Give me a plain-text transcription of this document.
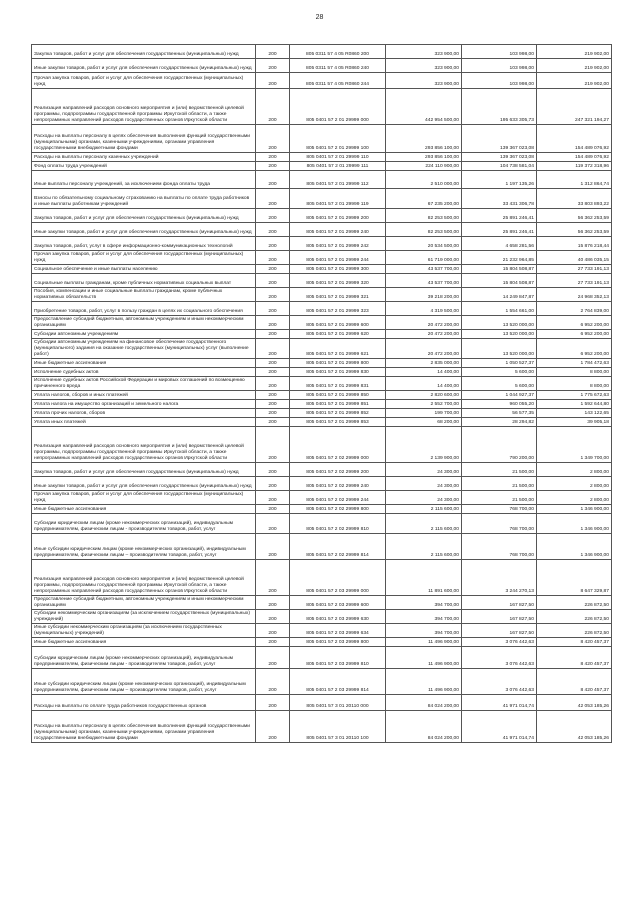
28
Закупка товаров, работ и услуг для обеспечения государственных (муниципальных) нужд	200	805 0311 57 4 05 R0860 200	323 900,00	103 998,00	219 902,00
Иные закупки товаров, работ и услуг для обеспечения государственных (муниципальных) нужд	200	805 0311 57 4 05 R0860 240	323 900,00	103 998,00	219 902,00
Прочая закупка товаров, работ и услуг для обеспечения государственных (муниципальных) нужд	200	805 0311 57 4 05 R0860 244	323 900,00	103 998,00	219 902,00
Реализация направлений расходов основного мероприятия и (или) ведомственной целевой программы, подпрограммы государственной программы Иркутской области, а также непрограммных направлений расходов государственных органов Иркутской области	200	805 0401 57 2 01 29999 000	442 954 500,00	195 633 305,73	247 321 194,27
Расходы на выплаты персоналу в целях обеспечения выполнения функций государственными (муниципальными) органами, казенными учреждениями, органами управления государственными внебюджетными фондами	200	805 0401 57 2 01 29999 100	293 856 100,00	139 367 023,08	154 489 076,92
Расходы на выплаты персоналу казенных учреждений	200	805 0401 57 2 01 29999 110	293 856 100,00	139 367 023,08	154 489 076,92
Фонд оплаты труда учреждений	200	805 0401 57 2 01 29999 111	224 110 900,00	104 738 581,04	119 372 318,96
Иные выплаты персоналу учреждений, за исключением фонда оплаты труда	200	805 0401 57 2 01 29999 112	2 510 000,00	1 197 135,26	1 312 864,74
Взносы по обязательному социальному страхованию на выплаты по оплате труда работников и иные выплаты работникам учреждений	200	805 0401 57 2 01 29999 119	67 235 200,00	33 431 306,78	33 803 893,22
Закупка товаров, работ и услуг для обеспечения государственных (муниципальных) нужд	200	805 0401 57 2 01 29999 200	82 253 500,00	25 891 246,41	56 362 253,59
Иные закупки товаров, работ и услуг для обеспечения государственных (муниципальных) нужд	200	805 0401 57 2 01 29999 240	82 253 500,00	25 891 246,41	56 362 253,59
Закупка товаров, работ, услуг в сфере информационно-коммуникационных технологий	200	805 0401 57 2 01 29999 242	20 534 500,00	4 658 281,56	15 876 218,44
Прочая закупка товаров, работ и услуг для обеспечения государственных (муниципальных) нужд	200	805 0401 57 2 01 29999 244	61 719 000,00	21 232 964,85	40 486 035,15
Социальное обеспечение и иные выплаты населению	200	805 0401 57 2 01 29999 300	43 537 700,00	15 804 508,87	27 733 191,13
Социальные выплаты гражданам, кроме публичных нормативных социальных выплат	200	805 0401 57 2 01 29999 320	43 537 700,00	15 804 508,87	27 733 191,13
Пособия, компенсации и иные социальные выплаты гражданам, кроме публичных нормативных обязательств	200	805 0401 57 2 01 29999 321	39 218 200,00	14 249 847,87	24 968 352,13
Приобретение товаров, работ, услуг в пользу граждан в целях их социального обеспечения	200	805 0401 57 2 01 29999 323	4 319 500,00	1 554 661,00	2 764 839,00
Предоставление субсидий бюджетным, автономным учреждениям и иным некоммерческим организациям	200	805 0401 57 2 01 29999 600	20 472 200,00	13 520 000,00	6 952 200,00
Субсидии автономным учреждениям	200	805 0401 57 2 01 29999 620	20 472 200,00	13 520 000,00	6 952 200,00
Субсидии автономным учреждениям на финансовое обеспечение государственного (муниципального) задания на оказание государственных (муниципальных) услуг (выполнение работ)	200	805 0401 57 2 01 29999 621	20 472 200,00	13 520 000,00	6 952 200,00
Иные бюджетные ассигнования	200	805 0401 57 2 01 29999 800	2 835 000,00	1 050 527,37	1 784 472,63
Исполнение судебных актов	200	805 0401 57 2 01 29999 830	14 400,00	5 600,00	8 800,00
Исполнение судебных актов Российской Федерации и мировых соглашений по возмещению причиненного вреда	200	805 0401 57 2 01 29999 831	14 400,00	5 600,00	8 800,00
Уплата налогов, сборов и иных платежей	200	805 0401 57 2 01 29999 850	2 820 600,00	1 044 927,37	1 775 672,63
Уплата налога на имущество организаций и земельного налога	200	805 0401 57 2 01 29999 851	2 552 700,00	960 055,20	1 592 644,80
Уплата прочих налогов, сборов	200	805 0401 57 2 01 29999 852	199 700,00	56 577,35	143 122,65
Уплата иных платежей	200	805 0401 57 2 01 29999 853	68 200,00	28 294,82	39 905,18
Реализация направлений расходов основного мероприятия и (или) ведомственной целевой программы, подпрограммы государственной программы Иркутской области, а также непрограммных направлений расходов государственных органов Иркутской области	200	805 0401 57 2 02 29999 000	2 139 900,00	790 200,00	1 349 700,00
Закупка товаров, работ и услуг для обеспечения государственных (муниципальных) нужд	200	805 0401 57 2 02 29999 200	24 300,00	21 500,00	2 800,00
Иные закупки товаров, работ и услуг для обеспечения государственных (муниципальных) нужд	200	805 0401 57 2 02 29999 240	24 300,00	21 500,00	2 800,00
Прочая закупка товаров, работ и услуг для обеспечения государственных (муниципальных) нужд	200	805 0401 57 2 02 29999 244	24 300,00	21 500,00	2 800,00
Иные бюджетные ассигнования	200	805 0401 57 2 02 29999 800	2 115 600,00	768 700,00	1 346 900,00
Субсидии юридическим лицам (кроме некоммерческих организаций), индивидуальным предпринимателям, физическим лицам - производителям товаров, работ, услуг	200	805 0401 57 2 02 29999 810	2 115 600,00	768 700,00	1 346 900,00
Иные субсидии юридическим лицам (кроме некоммерческих организаций), индивидуальным предпринимателям, физическим лицам – производителям товаров, работ, услуг	200	805 0401 57 2 02 29999 814	2 115 600,00	768 700,00	1 346 900,00
Реализация направлений расходов основного мероприятия и (или) ведомственной целевой программы, подпрограммы государственной программы Иркутской области, а также непрограммных направлений расходов государственных органов Иркутской области	200	805 0401 57 2 03 29999 000	11 891 600,00	3 244 270,13	8 647 329,87
Предоставление субсидий бюджетным, автономным учреждениям и иным некоммерческим организациям	200	805 0401 57 2 03 29999 600	394 700,00	167 827,50	226 872,50
Субсидии некоммерческим организациям (за исключением государственных (муниципальных) учреждений)	200	805 0401 57 2 03 29999 630	394 700,00	167 827,50	226 872,50
Иные субсидии некоммерческим организациям (за исключением государственных (муниципальных) учреждений)	200	805 0401 57 2 03 29999 634	394 700,00	167 827,50	226 872,50
Иные бюджетные ассигнования	200	805 0401 57 2 03 29999 800	11 496 900,00	3 076 442,63	8 420 457,37
Субсидии юридическим лицам (кроме некоммерческих организаций), индивидуальным предпринимателям, физическим лицам - производителям товаров, работ, услуг	200	805 0401 57 2 03 29999 810	11 496 900,00	3 076 442,63	8 420 457,37
Иные субсидии юридическим лицам (кроме некоммерческих организаций), индивидуальным предпринимателям, физическим лицам – производителям товаров, работ, услуг	200	805 0401 57 2 03 29999 814	11 496 900,00	3 076 442,63	8 420 457,37
Расходы на выплаты по оплате труда работников государственных органов	200	805 0401 57 3 01 20110 000	84 024 200,00	41 971 014,74	42 053 185,26
Расходы на выплаты персоналу в целях обеспечения выполнения функций государственными (муниципальными) органами, казенными учреждениями, органами управления государственными внебюджетными фондами	200	805 0401 57 3 01 20110 100	84 024 200,00	41 971 014,74	42 053 185,26
